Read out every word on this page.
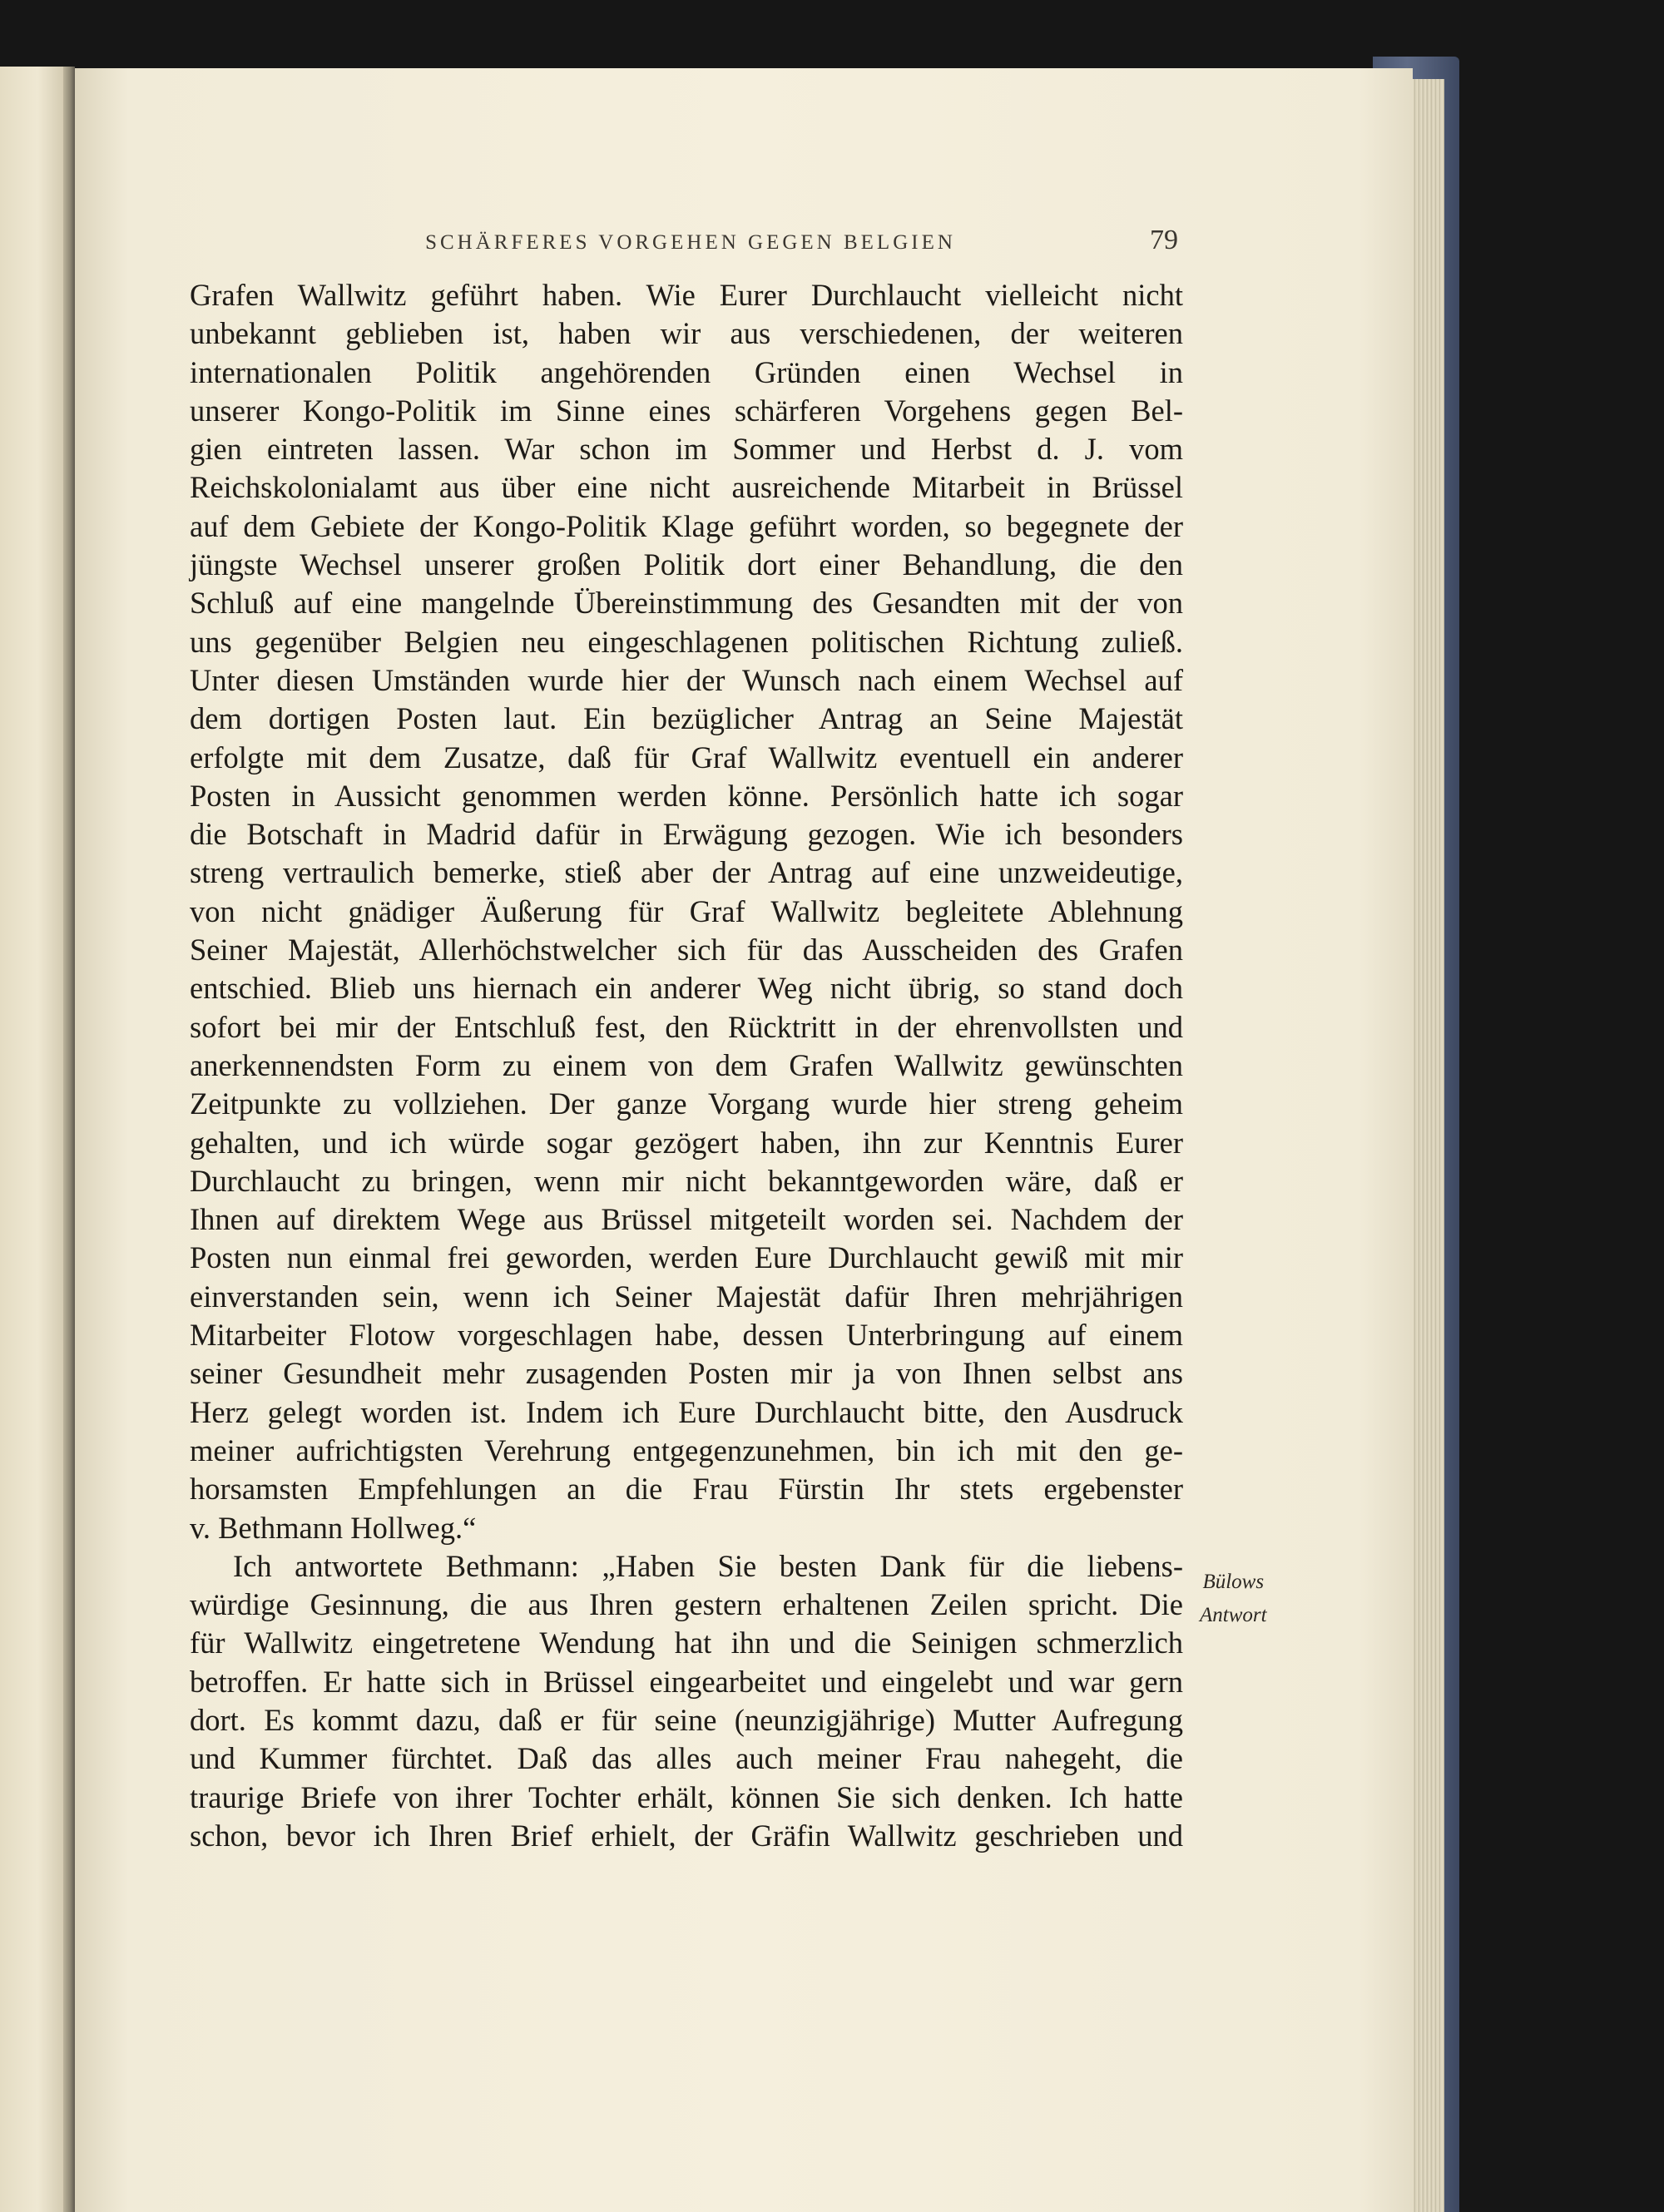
SCHÄRFERES VORGEHEN GEGEN BELGIEN	79
Grafen Wallwitz geführt haben. Wie Eurer Durchlaucht vielleicht nicht
unbekannt geblieben ist, haben wir aus verschiedenen, der weiteren
internationalen Politik angehörenden Gründen einen Wechsel in
unserer Kongo-Politik im Sinne eines schärferen Vorgehens gegen Bel-
gien eintreten lassen. War schon im Sommer und Herbst d. J. vom
Reichskolonialamt aus über eine nicht ausreichende Mitarbeit in Brüssel
auf dem Gebiete der Kongo-Politik Klage geführt worden, so begegnete der
jüngste Wechsel unserer großen Politik dort einer Behandlung, die den
Schluß auf eine mangelnde Übereinstimmung des Gesandten mit der von
uns gegenüber Belgien neu eingeschlagenen politischen Richtung zuließ.
Unter diesen Umständen wurde hier der Wunsch nach einem Wechsel auf
dem dortigen Posten laut. Ein bezüglicher Antrag an Seine Majestät
erfolgte mit dem Zusatze, daß für Graf Wallwitz eventuell ein anderer
Posten in Aussicht genommen werden könne. Persönlich hatte ich sogar
die Botschaft in Madrid dafür in Erwägung gezogen. Wie ich besonders
streng vertraulich bemerke, stieß aber der Antrag auf eine unzweideutige,
von nicht gnädiger Äußerung für Graf Wallwitz begleitete Ablehnung
Seiner Majestät, Allerhöchstwelcher sich für das Ausscheiden des Grafen
entschied. Blieb uns hiernach ein anderer Weg nicht übrig, so stand doch
sofort bei mir der Entschluß fest, den Rücktritt in der ehrenvollsten und
anerkennendsten Form zu einem von dem Grafen Wallwitz gewünschten
Zeitpunkte zu vollziehen. Der ganze Vorgang wurde hier streng geheim
gehalten, und ich würde sogar gezögert haben, ihn zur Kenntnis Eurer
Durchlaucht zu bringen, wenn mir nicht bekanntgeworden wäre, daß er
Ihnen auf direktem Wege aus Brüssel mitgeteilt worden sei. Nachdem der
Posten nun einmal frei geworden, werden Eure Durchlaucht gewiß mit mir
einverstanden sein, wenn ich Seiner Majestät dafür Ihren mehrjährigen
Mitarbeiter Flotow vorgeschlagen habe, dessen Unterbringung auf einem
seiner Gesundheit mehr zusagenden Posten mir ja von Ihnen selbst ans
Herz gelegt worden ist. Indem ich Eure Durchlaucht bitte, den Ausdruck
meiner aufrichtigsten Verehrung entgegenzunehmen, bin ich mit den ge-
horsamsten Empfehlungen an die Frau Fürstin Ihr stets ergebenster
v. Bethmann Hollweg.“
Ich antwortete Bethmann: „Haben Sie besten Dank für die liebens-
würdige Gesinnung, die aus Ihren gestern erhaltenen Zeilen spricht. Die
für Wallwitz eingetretene Wendung hat ihn und die Seinigen schmerzlich
betroffen. Er hatte sich in Brüssel eingearbeitet und eingelebt und war gern
dort. Es kommt dazu, daß er für seine (neunzigjährige) Mutter Aufregung
und Kummer fürchtet. Daß das alles auch meiner Frau nahegeht, die
traurige Briefe von ihrer Tochter erhält, können Sie sich denken. Ich hatte
schon, bevor ich Ihren Brief erhielt, der Gräfin Wallwitz geschrieben und
Bülows
Antwort
